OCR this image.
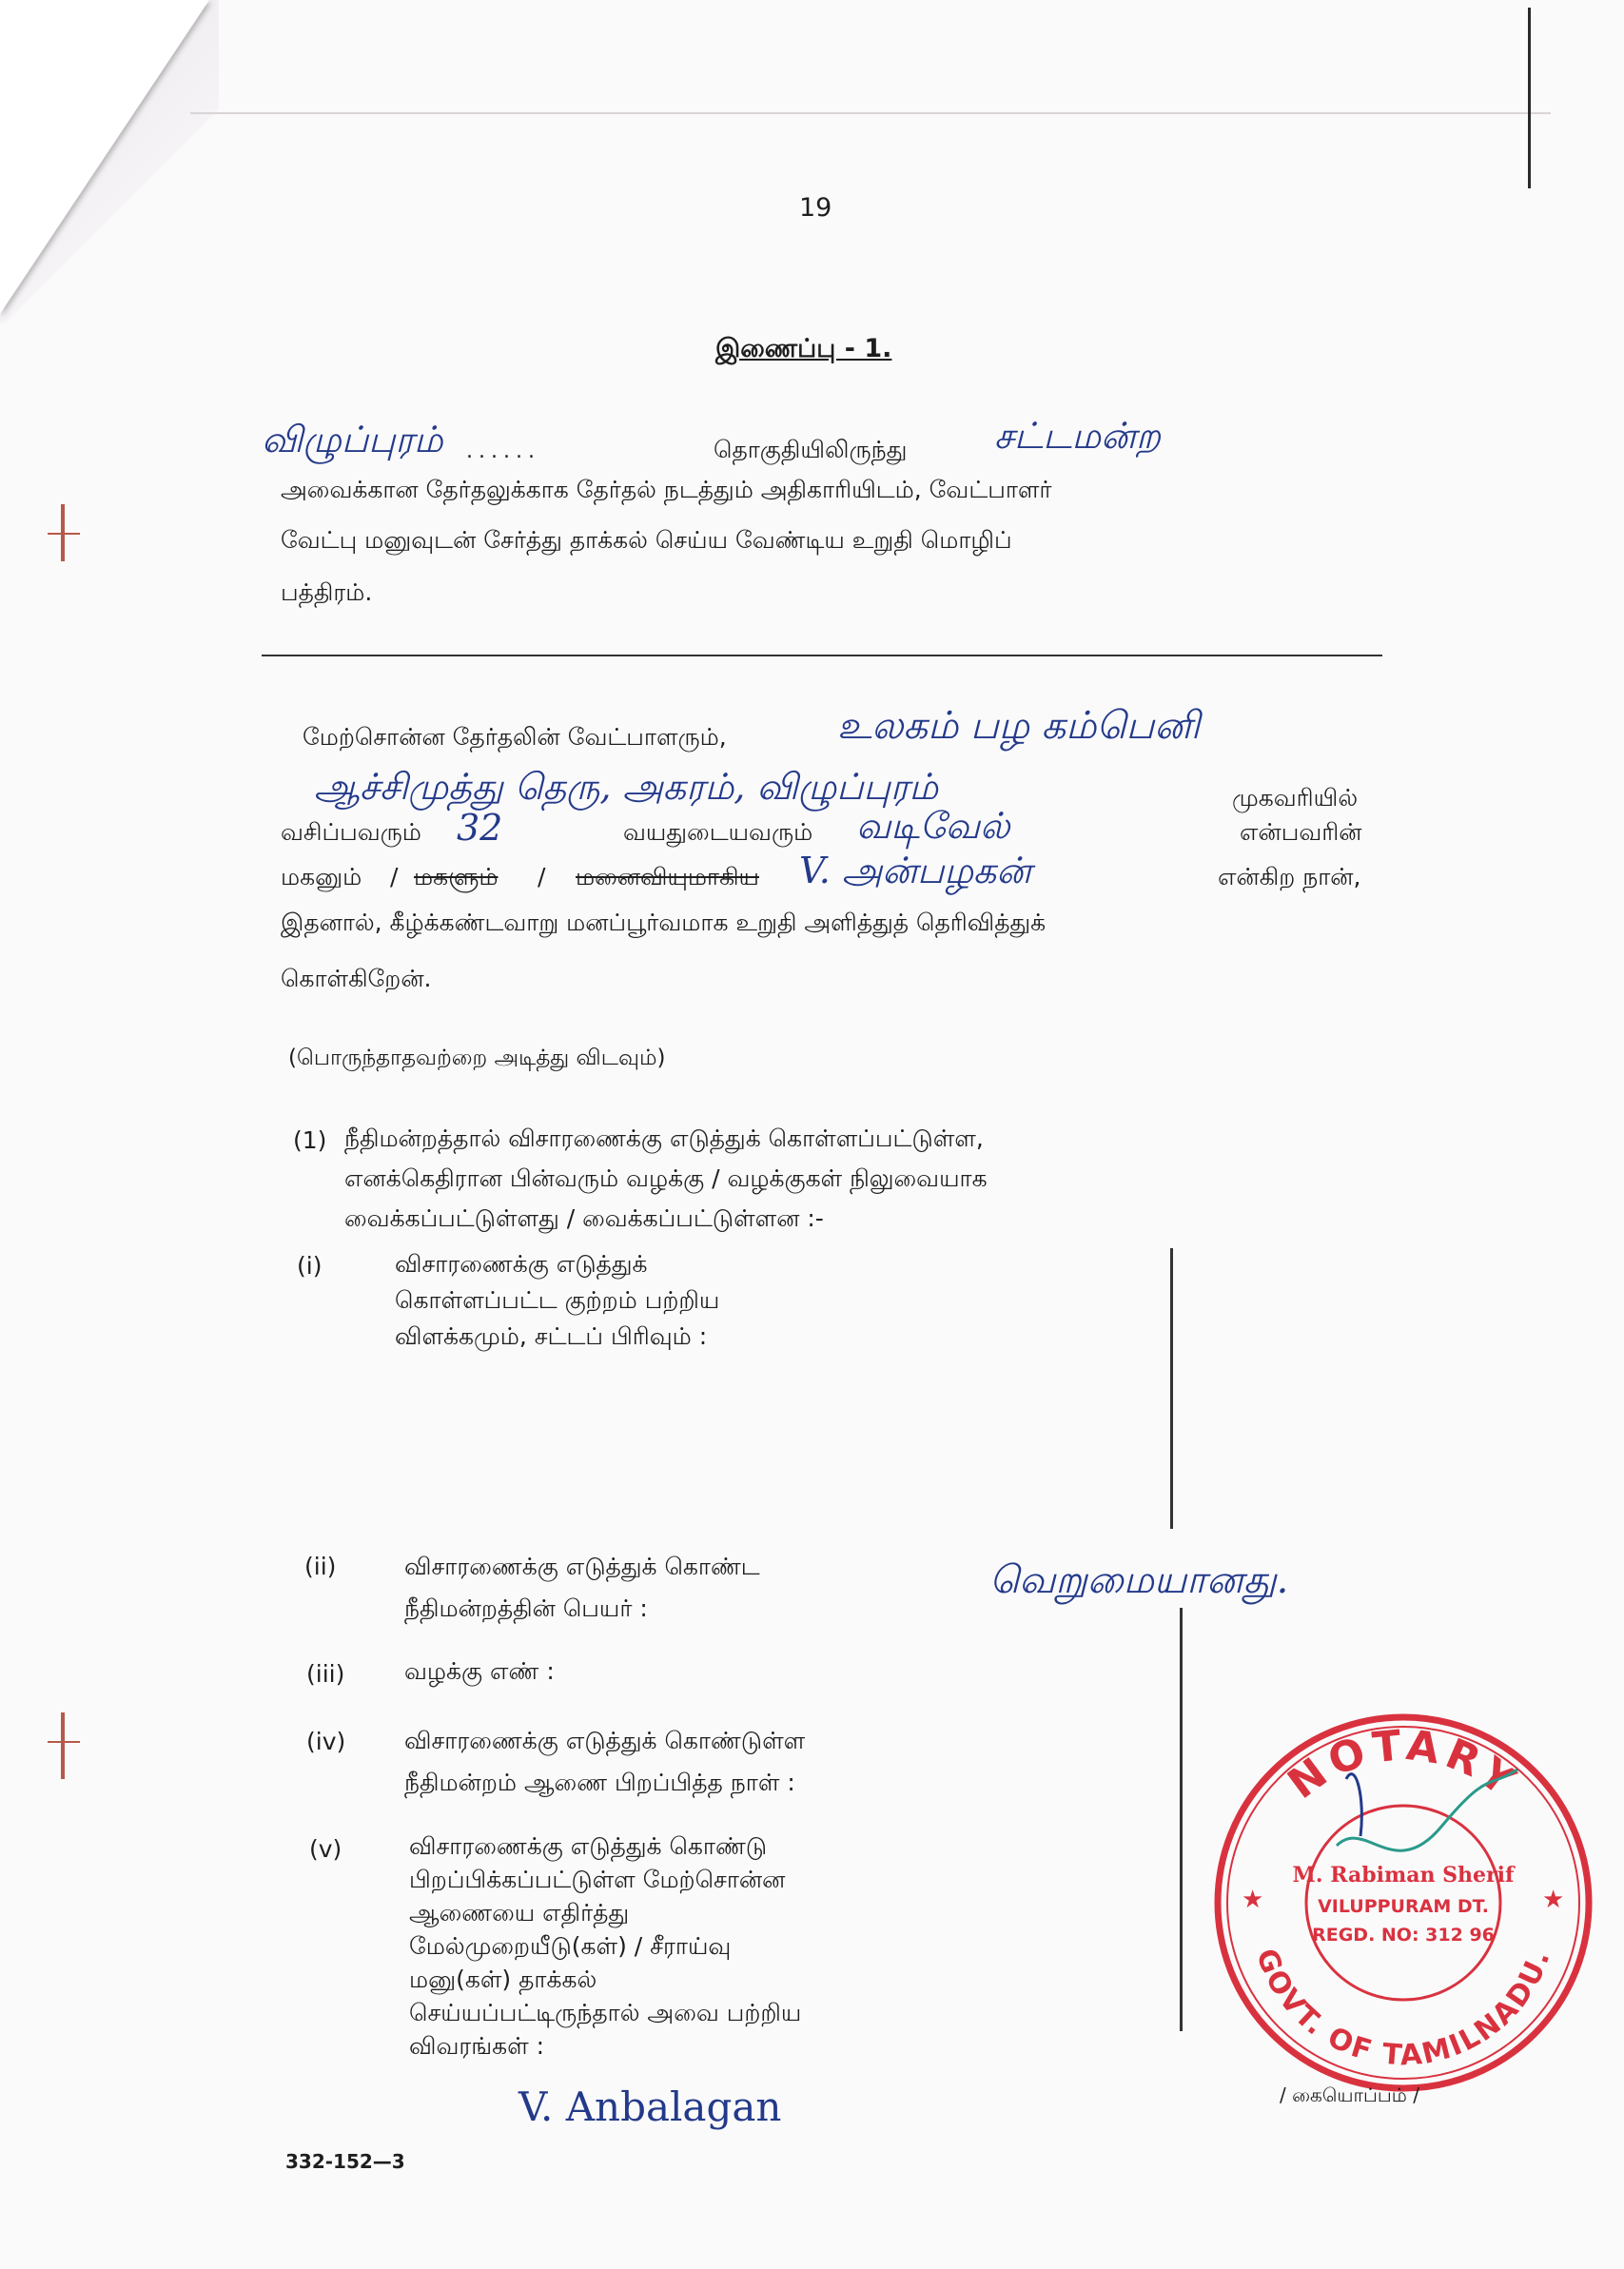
19
இணைப்பு - 1.
விழுப்புரம் ......	தொகுதியிலிருந்து சட்டமன்ற
அவைக்கான தேர்தலுக்காக தேர்தல் நடத்தும் அதிகாரியிடம், வேட்பாளர்
வேட்பு மனுவுடன் சேர்த்து தாக்கல் செய்ய வேண்டிய உறுதி மொழிப்
பத்திரம்.
மேற்சொன்ன தேர்தலின் வேட்பாளரும்,	உலகம் பழ கம்பெனி
ஆச்சிமுத்து தெரு, அகரம், விழுப்புரம்	முகவரியில்
வசிப்பவரும் 32	வயதுடையவரும் வடிவேல்	என்பவரின்
மகனும் / மகளும் / மனைவியுமாகிய V. அன்பழகன்	என்கிற நான்,
இதனால், கீழ்க்கண்டவாறு மனப்பூர்வமாக உறுதி அளித்துத் தெரிவித்துக்
கொள்கிறேன்.
(பொருந்தாதவற்றை அடித்து விடவும்)
(1) நீதிமன்றத்தால் விசாரணைக்கு எடுத்துக் கொள்ளப்பட்டுள்ள,
எனக்கெதிரான பின்வரும் வழக்கு / வழக்குகள் நிலுவையாக
வைக்கப்பட்டுள்ளது / வைக்கப்பட்டுள்ளன :-
(i)	விசாரணைக்கு எடுத்துக்
கொள்ளப்பட்ட குற்றம் பற்றிய
விளக்கமும், சட்டப் பிரிவும் :
(ii)	விசாரணைக்கு எடுத்துக் கொண்ட
நீதிமன்றத்தின் பெயர் :
வெறுமையானது.
(iii)	வழக்கு எண் :
(iv) விசாரணைக்கு எடுத்துக் கொண்டுள்ள
நீதிமன்றம் ஆணை பிறப்பித்த நாள் :
(v)	விசாரணைக்கு எடுத்துக் கொண்டு
பிறப்பிக்கப்பட்டுள்ள மேற்சொன்ன
ஆணையை எதிர்த்து
மேல்முறையீடு(கள்) / சீராய்வு
மனு(கள்) தாக்கல்
செய்யப்பட்டிருந்தால் அவை பற்றிய
விவரங்கள் :
NOTARY
GOVT. OF TAMILNADU.
★	★
M. Rabiman Sherif
VILUPPURAM DT.
REGD. NO: 312 96
V. Anbalagan	/ கையொப்பம் /
332-152—3
